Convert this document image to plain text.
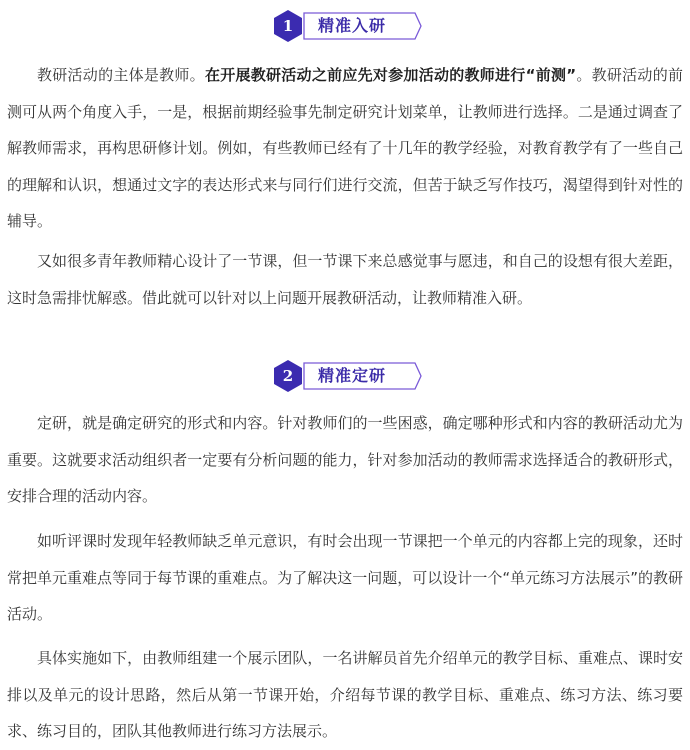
1	精准入研

教研活动的主体是教师。在开展教研活动之前应先对参加活动的教师进行“前测”。教研活动的前测可从两个角度入手，一是，根据前期经验事先制定研究计划菜单，让教师进行选择。二是通过调查了解教师需求，再构思研修计划。例如，有些教师已经有了十几年的教学经验，对教育教学有了一些自己的理解和认识，想通过文字的表达形式来与同行们进行交流，但苦于缺乏写作技巧，渴望得到针对性的辅导。

又如很多青年教师精心设计了一节课，但一节课下来总感觉事与愿违，和自己的设想有很大差距，这时急需排忧解惑。借此就可以针对以上问题开展教研活动，让教师精准入研。

2	精准定研

定研，就是确定研究的形式和内容。针对教师们的一些困惑，确定哪种形式和内容的教研活动尤为重要。这就要求活动组织者一定要有分析问题的能力，针对参加活动的教师需求选择适合的教研形式，安排合理的活动内容。

如听评课时发现年轻教师缺乏单元意识，有时会出现一节课把一个单元的内容都上完的现象，还时常把单元重难点等同于每节课的重难点。为了解决这一问题，可以设计一个“单元练习方法展示”的教研活动。

具体实施如下，由教师组建一个展示团队，一名讲解员首先介绍单元的教学目标、重难点、课时安排以及单元的设计思路，然后从第一节课开始，介绍每节课的教学目标、重难点、练习方法、练习要求、练习目的，团队其他教师进行练习方法展示。
